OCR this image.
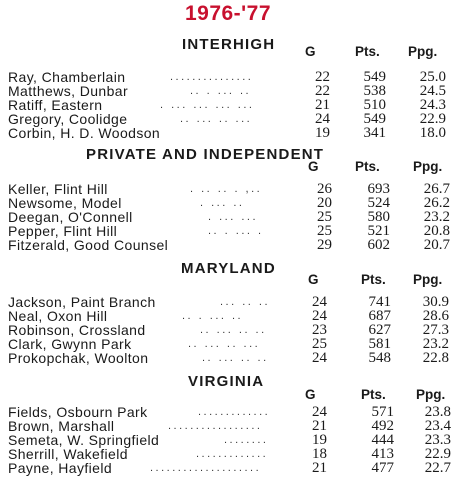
1976-'77
INTERHIGH G	Pts. Ppg.
Ray, Chamberlain	...............	22	549	25.0
Matthews, Dunbar	.. . ... ..	22	538	24.5
Ratiff, Eastern	. ... ... ... ...	21	510	24.3
Gregory, Coolidge	.. ... .. ...	24	549	22.9
Corbin, H. D. Woodson	19	341	18.0
PRIVATE AND INDEPENDENT
G	Pts. Ppg.
Keller, Flint Hill	. .. .. . ,..	26	693	26.7
Newsome, Model	. ... ..	20	524	26.2
Deegan, O'Connell	. ... ...	25	580	23.2
Pepper, Flint Hill	.. . ... .	25	521	20.8
Fitzerald, Good Counsel	29	602	20.7
MARYLAND
G	Pts. Ppg.
Jackson, Paint Branch	... .. ..	24	741	30.9
Neal, Oxon Hill	.. . ... ..	24	687	28.6
Robinson, Crossland	.. ... .. ..	23	627	27.3
Clark, Gwynn Park	.. ... .. ...	25	581	23.2
Prokopchak, Woolton	.. ... .. ..	24	548	22.8
VIRGINIA
G	Pts. Ppg.
Fields, Osbourn Park	.............	24	571	23.8
Brown, Marshall	.................	21	492	23.4
Semeta, W. Springfield	........	19	444	23.3
Sherrill, Wakefield	.............	18	413	22.9
Payne, Hayfield	....................	21	477	22.7
